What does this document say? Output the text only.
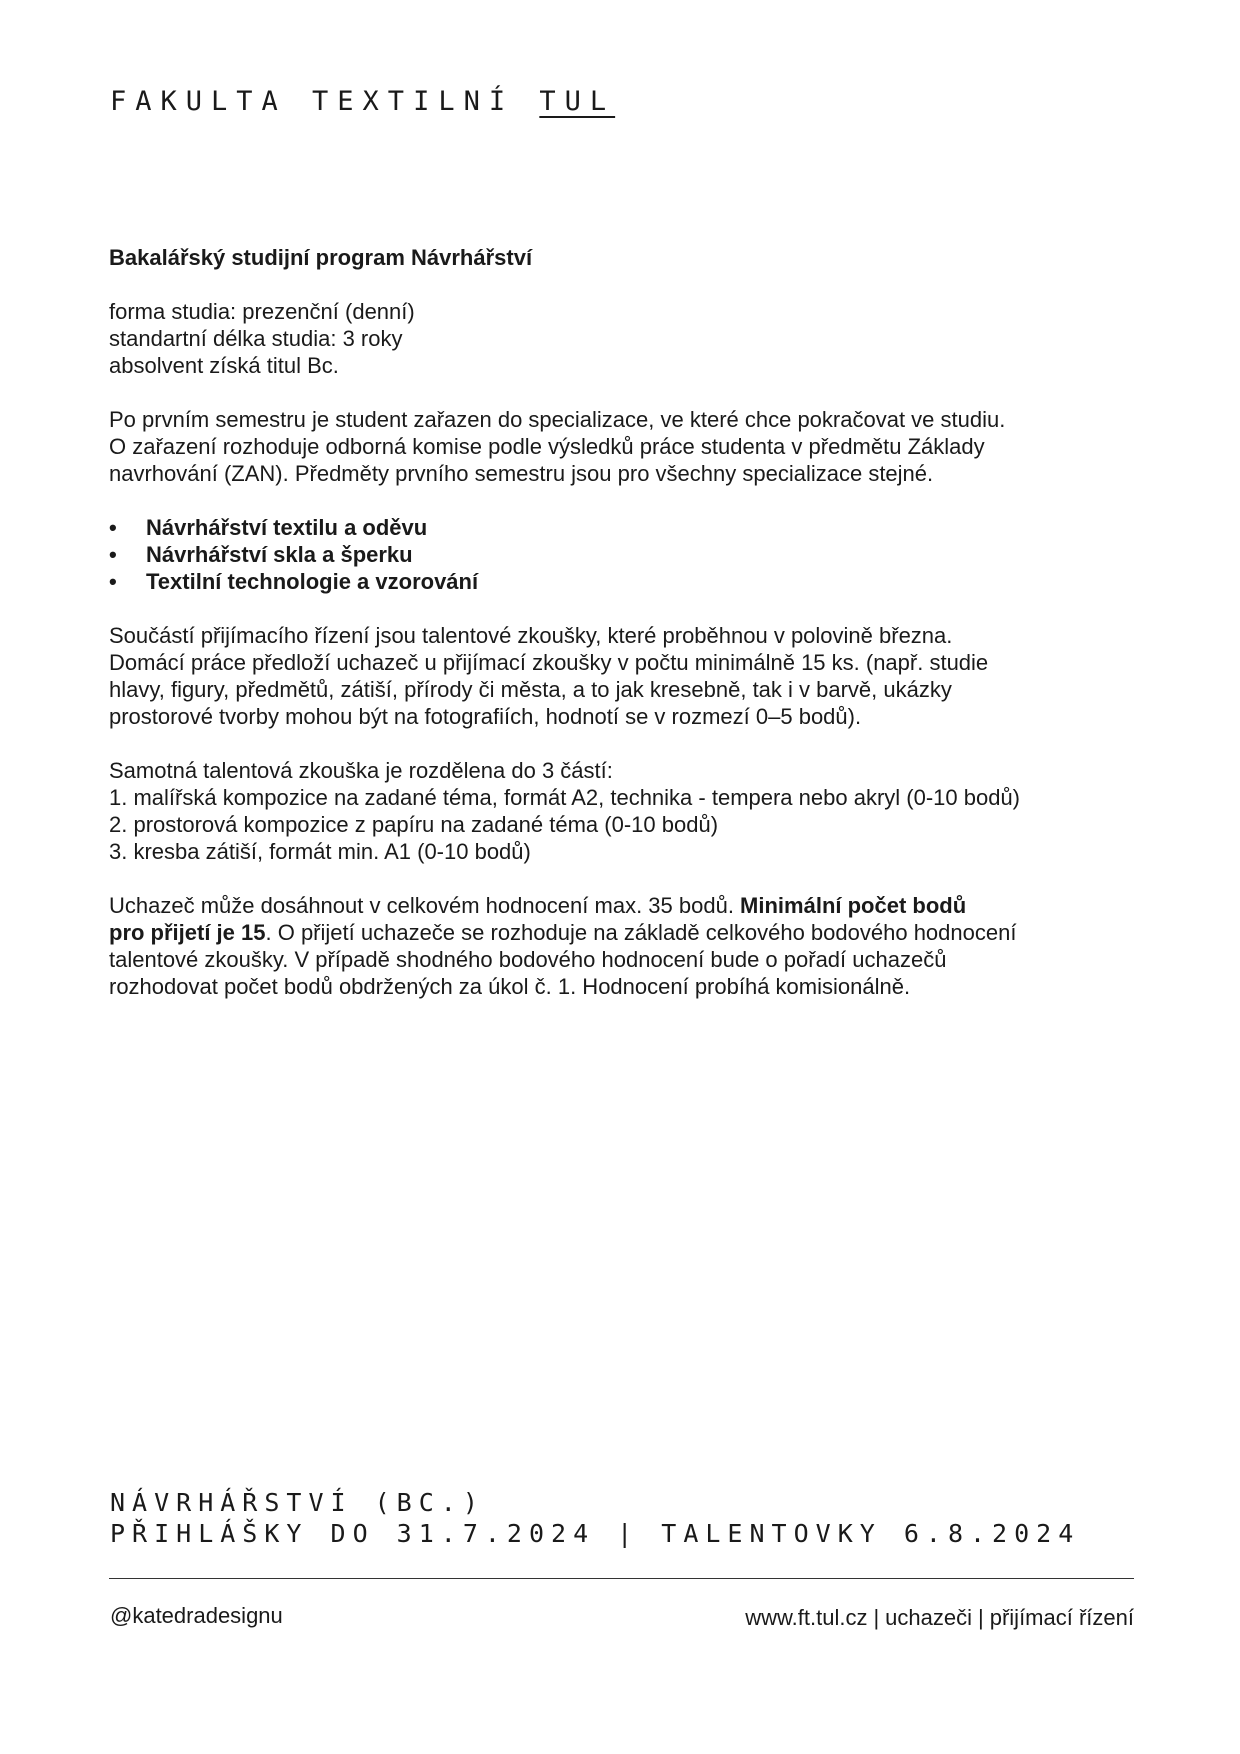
FAKULTA TEXTILNÍ TUL

Bakalářský studijní program Návrhářství

forma studia: prezenční (denní)
standartní délka studia: 3 roky
absolvent získá titul Bc.

Po prvním semestru je student zařazen do specializace, ve které chce pokračovat ve studiu.
O zařazení rozhoduje odborná komise podle výsledků práce studenta v předmětu Základy
navrhování (ZAN). Předměty prvního semestru jsou pro všechny specializace stejné.

• Návrhářství textilu a oděvu
• Návrhářství skla a šperku
• Textilní technologie a vzorování

Součástí přijímacího řízení jsou talentové zkoušky, které proběhnou v polovině března.
Domácí práce předloží uchazeč u přijímací zkoušky v počtu minimálně 15 ks. (např. studie
hlavy, figury, předmětů, zátiší, přírody či města, a to jak kresebně, tak i v barvě, ukázky
prostorové tvorby mohou být na fotografiích, hodnotí se v rozmezí 0–5 bodů).

Samotná talentová zkouška je rozdělena do 3 částí:
1. malířská kompozice na zadané téma, formát A2, technika - tempera nebo akryl (0-10 bodů)
2. prostorová kompozice z papíru na zadané téma (0-10 bodů)
3. kresba zátiší, formát min. A1 (0-10 bodů)

Uchazeč může dosáhnout v celkovém hodnocení max. 35 bodů. Minimální počet bodů
pro přijetí je 15. O přijetí uchazeče se rozhoduje na základě celkového bodového hodnocení
talentové zkoušky. V případě shodného bodového hodnocení bude o pořadí uchazečů
rozhodovat počet bodů obdržených za úkol č. 1. Hodnocení probíhá komisionálně.

NÁVRHÁŘSTVÍ (BC.)
PŘIHLÁŠKY DO 31.7.2024 | TALENTOVKY 6.8.2024
@katedradesignu	www.ft.tul.cz | uchazeči | přijímací řízení
